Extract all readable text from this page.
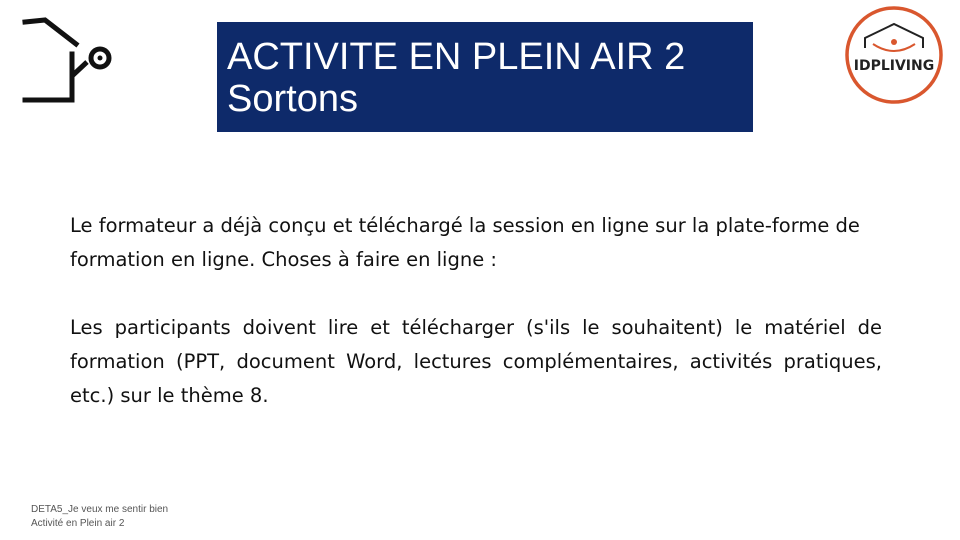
ACTIVITE EN PLEIN AIR 2
Sortons
IDPLIVING
Le formateur a déjà conçu et téléchargé la session en ligne sur la plate-forme de formation en ligne. Choses à faire en ligne :
Les participants doivent lire et télécharger (s'ils le souhaitent) le matériel de formation (PPT, document Word, lectures complémentaires, activités pratiques, etc.) sur le thème 8.
DETA5_Je veux me sentir bien
Activité en Plein air 2
